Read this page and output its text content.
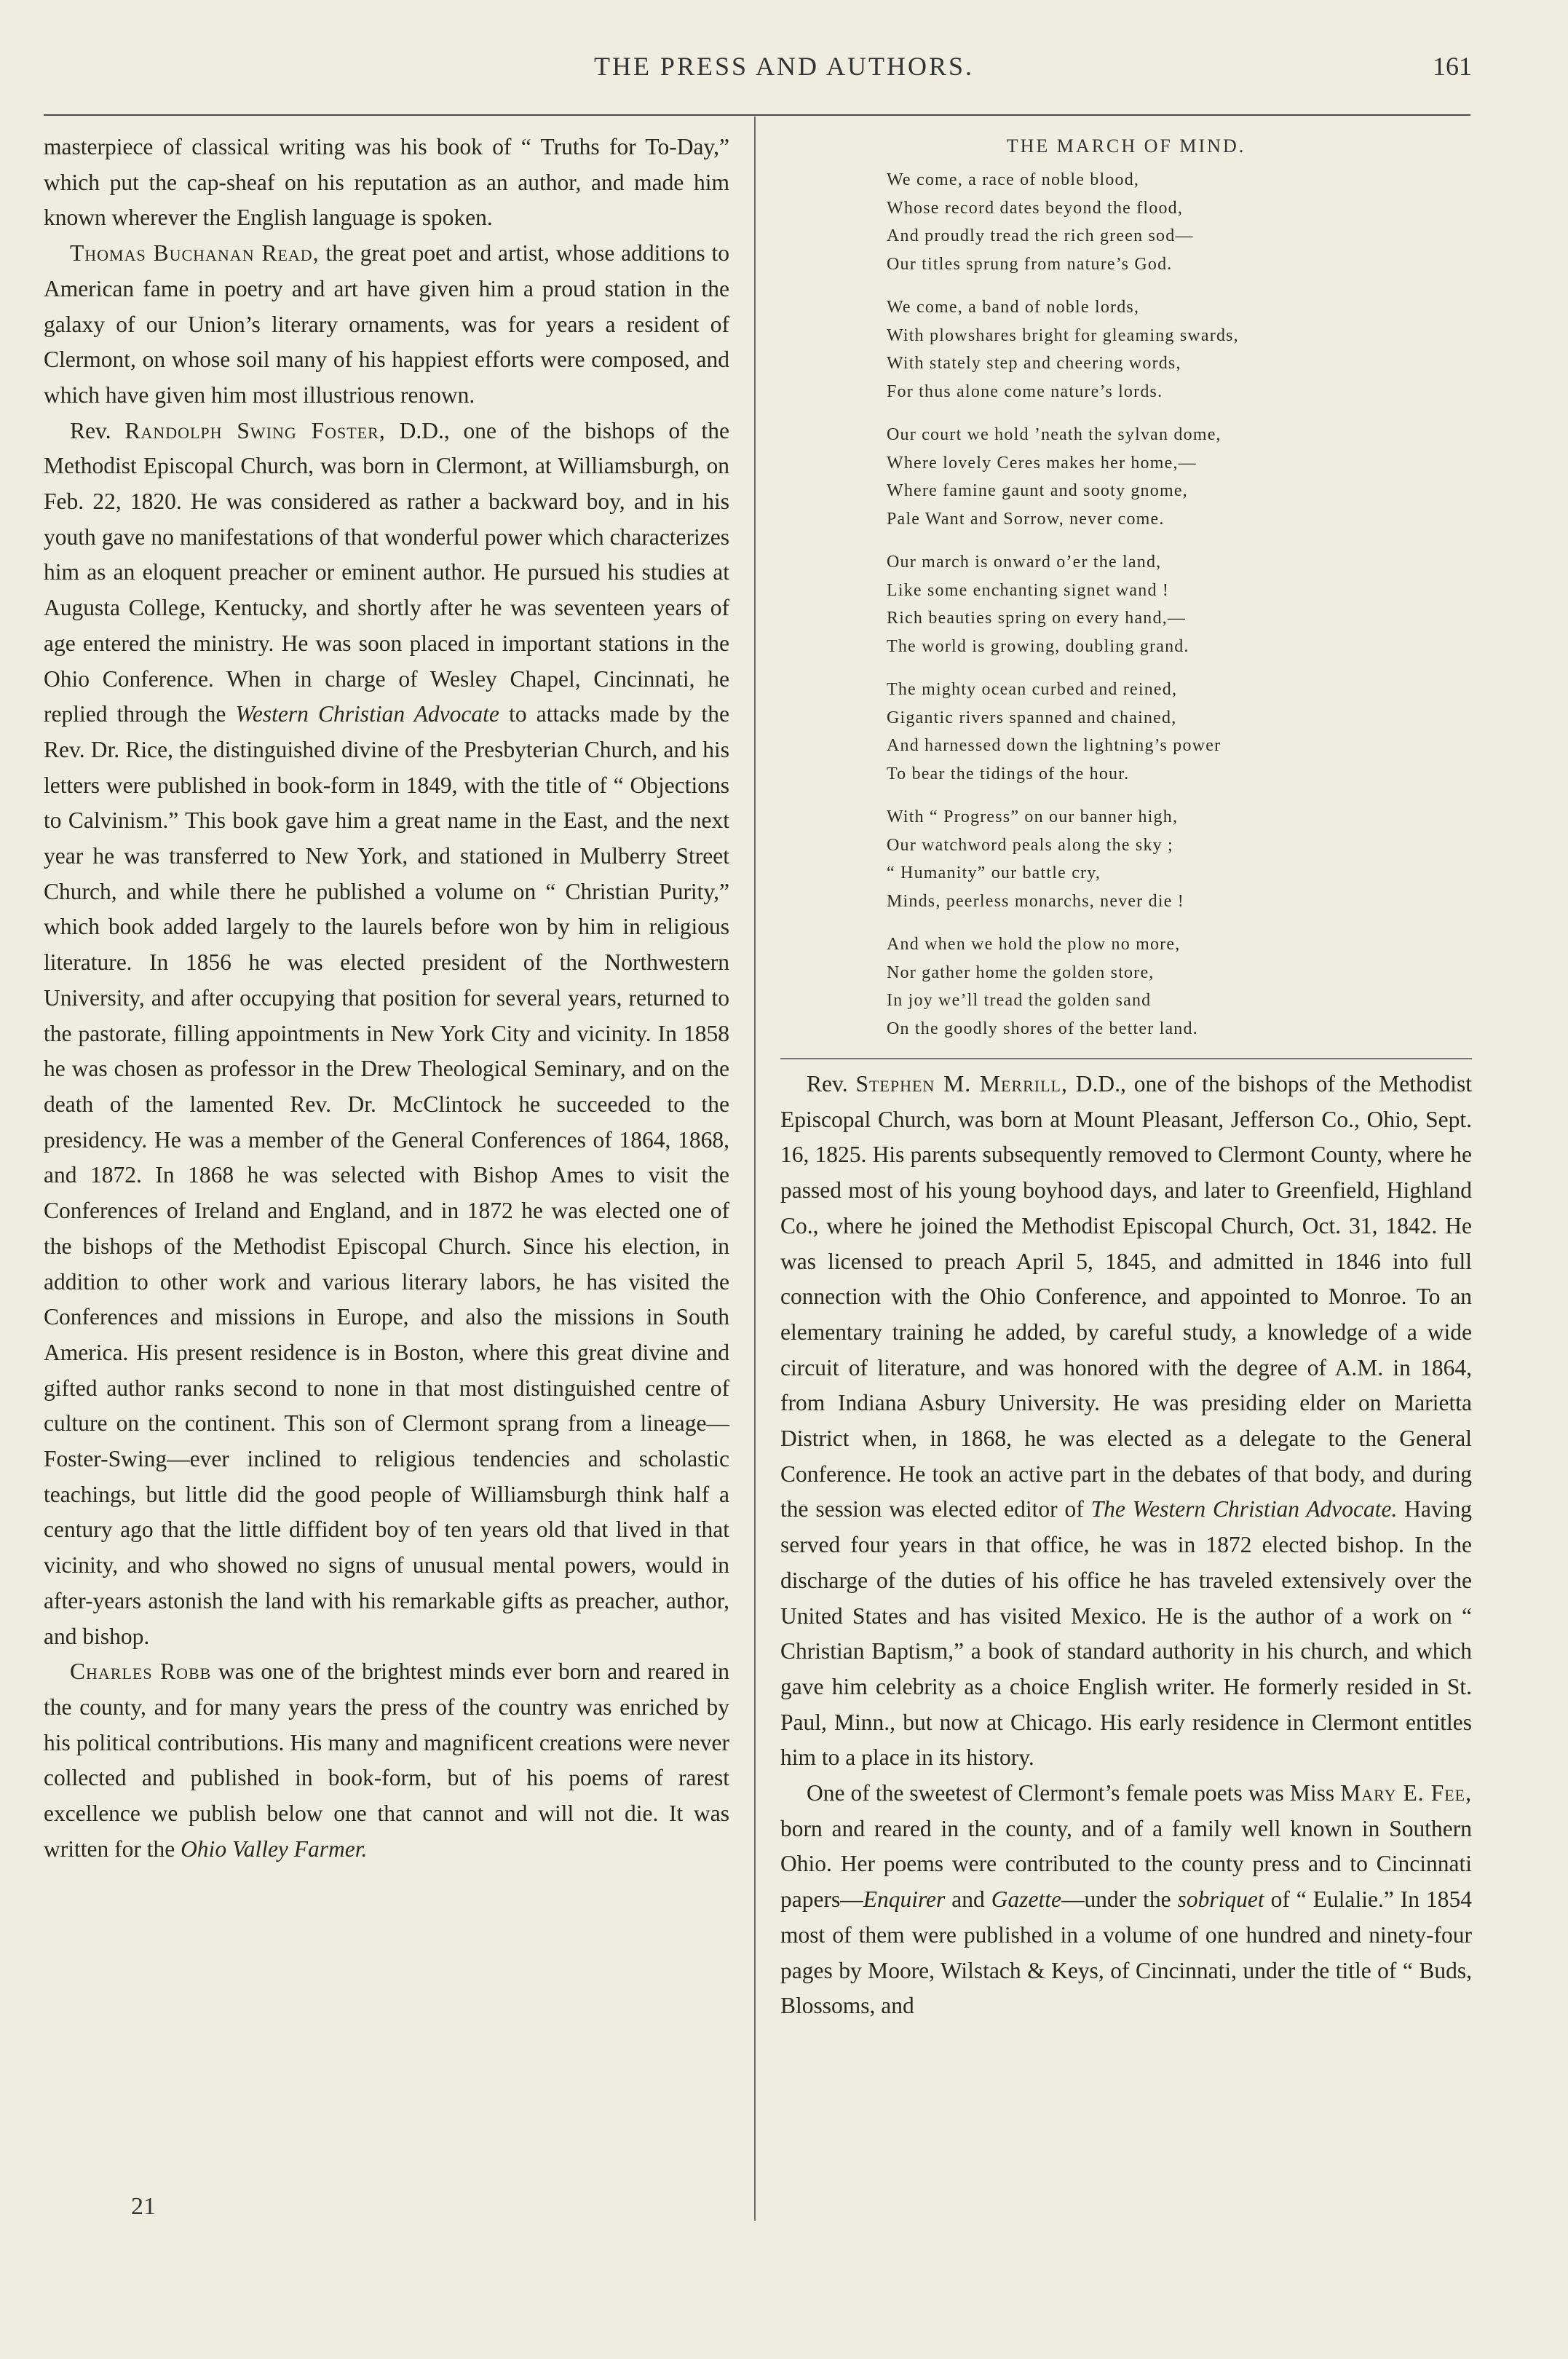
THE PRESS AND AUTHORS.	161

masterpiece of classical writing was his book of “ Truths for To-Day,” which put the cap-sheaf on his reputation as an author, and made him known wherever the English language is spoken.

Thomas Buchanan Read, the great poet and artist, whose additions to American fame in poetry and art have given him a proud station in the galaxy of our Union’s literary ornaments, was for years a resident of Clermont, on whose soil many of his happiest efforts were composed, and which have given him most illustrious renown.

Rev. Randolph Swing Foster, D.D., one of the bishops of the Methodist Episcopal Church, was born in Clermont, at Williamsburgh, on Feb. 22, 1820. He was considered as rather a backward boy, and in his youth gave no manifestations of that wonderful power which characterizes him as an eloquent preacher or eminent author. He pursued his studies at Augusta College, Kentucky, and shortly after he was seventeen years of age entered the ministry. He was soon placed in important stations in the Ohio Conference. When in charge of Wesley Chapel, Cincinnati, he replied through the Western Christian Advocate to attacks made by the Rev. Dr. Rice, the distinguished divine of the Presbyterian Church, and his letters were published in book-form in 1849, with the title of “ Objections to Calvinism.” This book gave him a great name in the East, and the next year he was transferred to New York, and stationed in Mulberry Street Church, and while there he published a volume on “ Christian Purity,” which book added largely to the laurels before won by him in religious literature. In 1856 he was elected president of the Northwestern University, and after occupying that position for several years, returned to the pastorate, filling appointments in New York City and vicinity. In 1858 he was chosen as professor in the Drew Theological Seminary, and on the death of the lamented Rev. Dr. McClintock he succeeded to the presidency. He was a member of the General Conferences of 1864, 1868, and 1872. In 1868 he was selected with Bishop Ames to visit the Conferences of Ireland and England, and in 1872 he was elected one of the bishops of the Methodist Episcopal Church. Since his election, in addition to other work and various literary labors, he has visited the Conferences and missions in Europe, and also the missions in South America. His present residence is in Boston, where this great divine and gifted author ranks second to none in that most distinguished centre of culture on the continent. This son of Clermont sprang from a lineage—Foster-Swing—ever inclined to religious tendencies and scholastic teachings, but little did the good people of Williamsburgh think half a century ago that the little diffident boy of ten years old that lived in that vicinity, and who showed no signs of unusual mental powers, would in after-years astonish the land with his remarkable gifts as preacher, author, and bishop.

Charles Robb was one of the brightest minds ever born and reared in the county, and for many years the press of the country was enriched by his political contributions. His many and magnificent creations were never collected and published in book-form, but of his poems of rarest excellence we publish below one that cannot and will not die. It was written for the Ohio Valley Farmer.

21
THE MARCH OF MIND.
We come, a race of noble blood,
Whose record dates beyond the flood,
And proudly tread the rich green sod—
Our titles sprung from nature’s God.
We come, a band of noble lords,
With plowshares bright for gleaming swards,
With stately step and cheering words,
For thus alone come nature’s lords.
Our court we hold ’neath the sylvan dome,
Where lovely Ceres makes her home,—
Where famine gaunt and sooty gnome,
Pale Want and Sorrow, never come.
Our march is onward o’er the land,
Like some enchanting signet wand !
Rich beauties spring on every hand,—
The world is growing, doubling grand.
The mighty ocean curbed and reined,
Gigantic rivers spanned and chained,
And harnessed down the lightning’s power
To bear the tidings of the hour.
With “ Progress” on our banner high,
Our watchword peals along the sky ;
“ Humanity” our battle cry,
Minds, peerless monarchs, never die !
And when we hold the plow no more,
Nor gather home the golden store,
In joy we’ll tread the golden sand
On the goodly shores of the better land.

Rev. Stephen M. Merrill, D.D., one of the bishops of the Methodist Episcopal Church, was born at Mount Pleasant, Jefferson Co., Ohio, Sept. 16, 1825. His parents subsequently removed to Clermont County, where he passed most of his young boyhood days, and later to Greenfield, Highland Co., where he joined the Methodist Episcopal Church, Oct. 31, 1842. He was licensed to preach April 5, 1845, and admitted in 1846 into full connection with the Ohio Conference, and appointed to Monroe. To an elementary training he added, by careful study, a knowledge of a wide circuit of literature, and was honored with the degree of A.M. in 1864, from Indiana Asbury University. He was presiding elder on Marietta District when, in 1868, he was elected as a delegate to the General Conference. He took an active part in the debates of that body, and during the session was elected editor of The Western Christian Advocate. Having served four years in that office, he was in 1872 elected bishop. In the discharge of the duties of his office he has traveled extensively over the United States and has visited Mexico. He is the author of a work on “ Christian Baptism,” a book of standard authority in his church, and which gave him celebrity as a choice English writer. He formerly resided in St. Paul, Minn., but now at Chicago. His early residence in Clermont entitles him to a place in its history.

One of the sweetest of Clermont’s female poets was Miss Mary E. Fee, born and reared in the county, and of a family well known in Southern Ohio. Her poems were contributed to the county press and to Cincinnati papers—Enquirer and Gazette—under the sobriquet of “ Eulalie.” In 1854 most of them were published in a volume of one hundred and ninety-four pages by Moore, Wilstach & Keys, of Cincinnati, under the title of “ Buds, Blossoms, and
